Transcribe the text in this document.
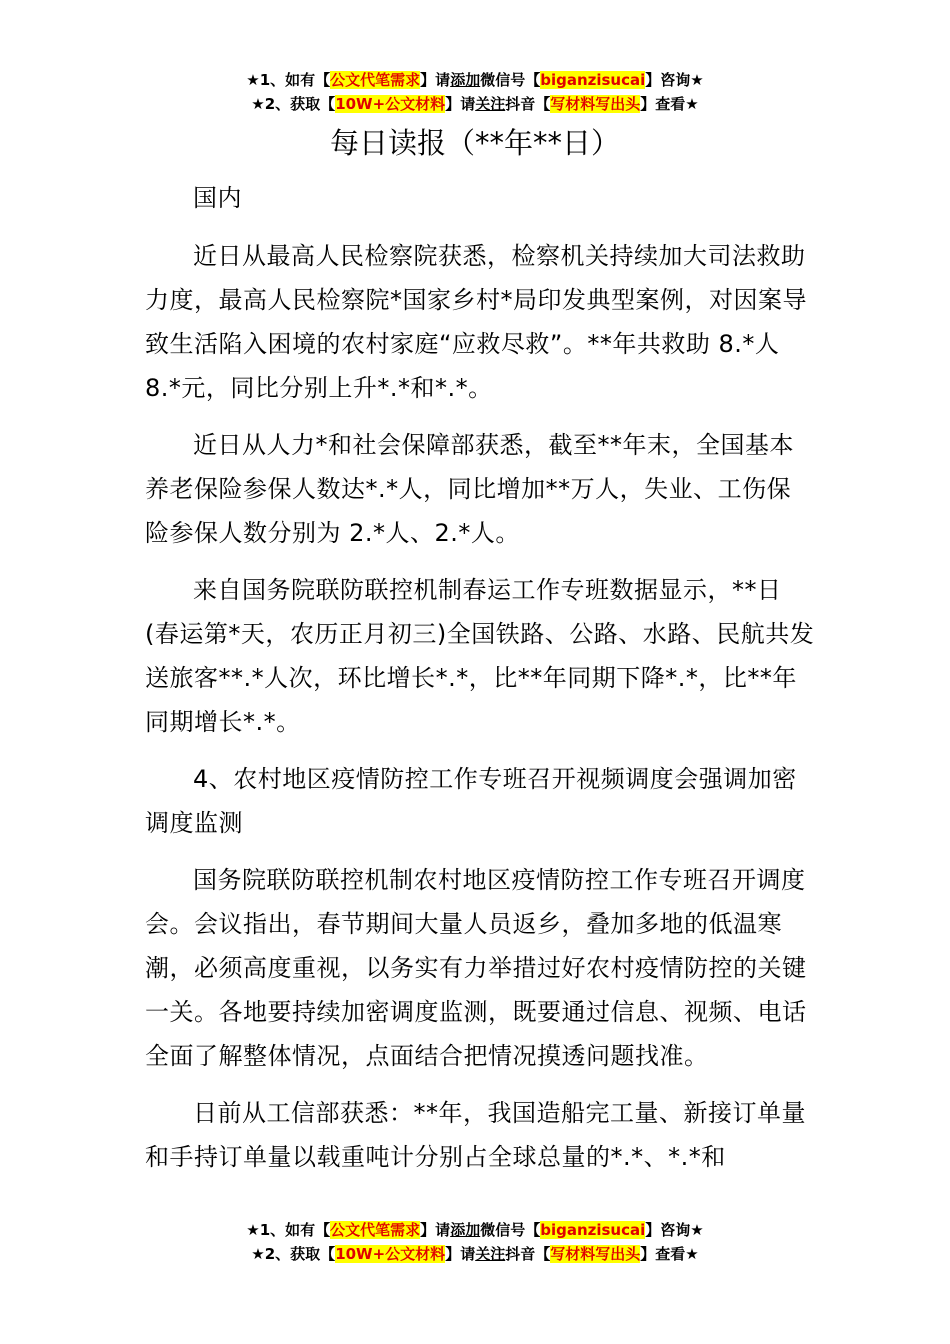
★1、如有【公文代笔需求】请添加微信号【biganzisucai】咨询★
★2、获取【10W+公文材料】请关注抖音【写材料写出头】查看★
每日读报（**年**日）

国内

近日从最高人民检察院获悉，检察机关持续加大司法救助力度，最高人民检察院*国家乡村*局印发典型案例，对因案导致生活陷入困境的农村家庭“应救尽救”。**年共救助 8.*人 8.*元，同比分别上升*.*和*.*。

近日从人力*和社会保障部获悉，截至**年末，全国基本养老保险参保人数达*.*人，同比增加**万人，失业、工伤保险参保人数分别为 2.*人、2.*人。

来自国务院联防联控机制春运工作专班数据显示，**日(春运第*天，农历正月初三)全国铁路、公路、水路、民航共发送旅客**.*人次，环比增长*.*，比**年同期下降*.*，比**年同期增长*.*。

4、农村地区疫情防控工作专班召开视频调度会强调加密调度监测

国务院联防联控机制农村地区疫情防控工作专班召开调度会。会议指出，春节期间大量人员返乡，叠加多地的低温寒潮，必须高度重视，以务实有力举措过好农村疫情防控的关键一关。各地要持续加密调度监测，既要通过信息、视频、电话全面了解整体情况，点面结合把情况摸透问题找准。

日前从工信部获悉：**年，我国造船完工量、新接订单量和手持订单量以载重吨计分别占全球总量的*.*、*.*和

★1、如有【公文代笔需求】请添加微信号【biganzisucai】咨询★
★2、获取【10W+公文材料】请关注抖音【写材料写出头】查看★
